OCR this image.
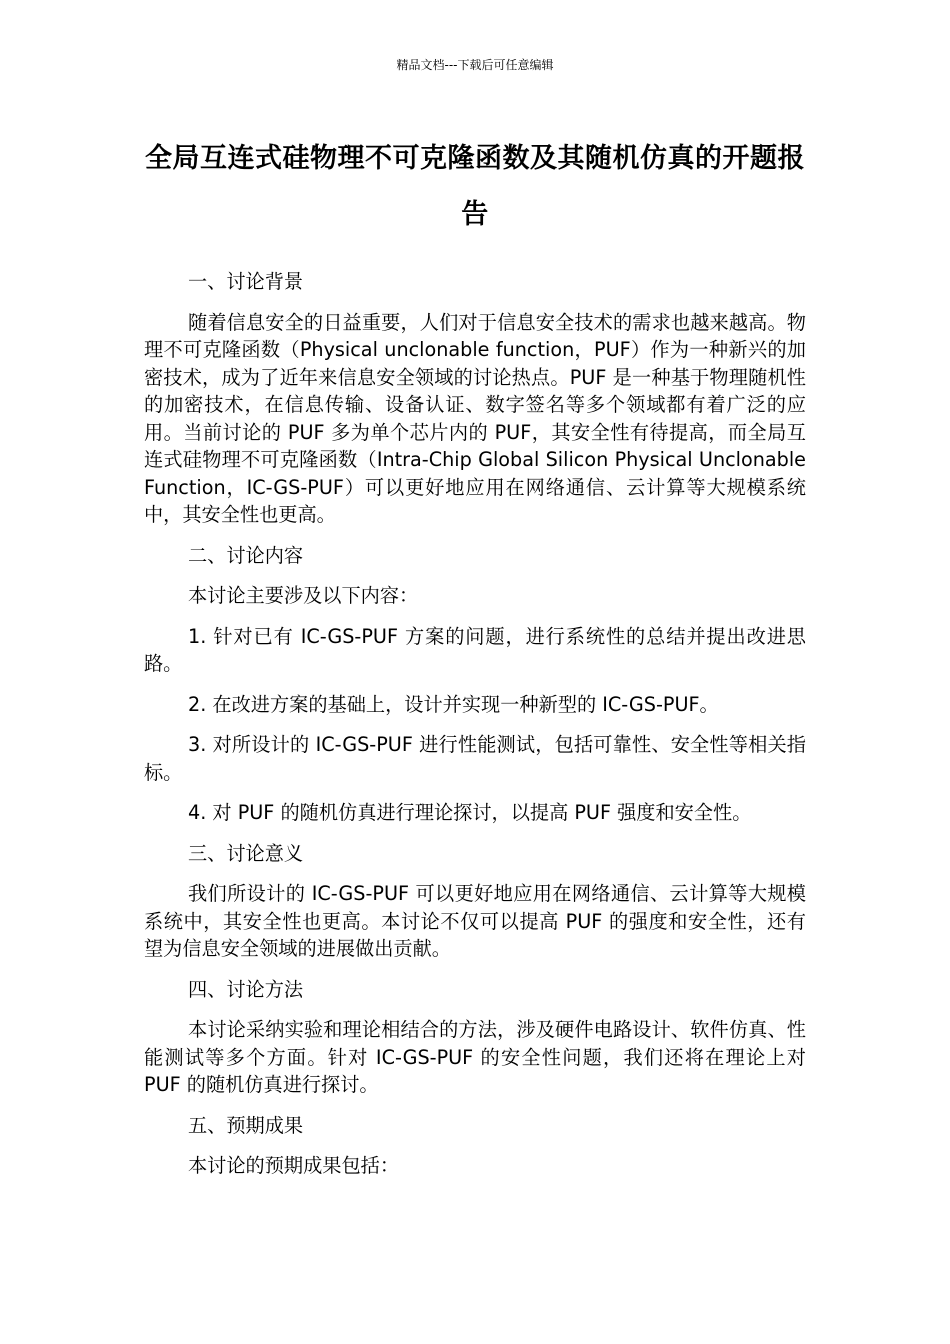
精品文档---下载后可任意编辑
全局互连式硅物理不可克隆函数及其随机仿真的开题报告

一、讨论背景

随着信息安全的日益重要，人们对于信息安全技术的需求也越来越高。物理不可克隆函数（Physical unclonable function，PUF）作为一种新兴的加密技术，成为了近年来信息安全领域的讨论热点。PUF 是一种基于物理随机性的加密技术，在信息传输、设备认证、数字签名等多个领域都有着广泛的应用。当前讨论的 PUF 多为单个芯片内的 PUF，其安全性有待提高，而全局互连式硅物理不可克隆函数（Intra-Chip Global Silicon Physical Unclonable Function，IC-GS-PUF）可以更好地应用在网络通信、云计算等大规模系统中，其安全性也更高。

二、讨论内容

本讨论主要涉及以下内容：

1. 针对已有 IC-GS-PUF 方案的问题，进行系统性的总结并提出改进思路。

2. 在改进方案的基础上，设计并实现一种新型的 IC-GS-PUF。

3. 对所设计的 IC-GS-PUF 进行性能测试，包括可靠性、安全性等相关指标。

4. 对 PUF 的随机仿真进行理论探讨，以提高 PUF 强度和安全性。

三、讨论意义

我们所设计的 IC-GS-PUF 可以更好地应用在网络通信、云计算等大规模系统中，其安全性也更高。本讨论不仅可以提高 PUF 的强度和安全性，还有望为信息安全领域的进展做出贡献。

四、讨论方法

本讨论采纳实验和理论相结合的方法，涉及硬件电路设计、软件仿真、性能测试等多个方面。针对 IC-GS-PUF 的安全性问题，我们还将在理论上对 PUF 的随机仿真进行探讨。

五、预期成果

本讨论的预期成果包括：
